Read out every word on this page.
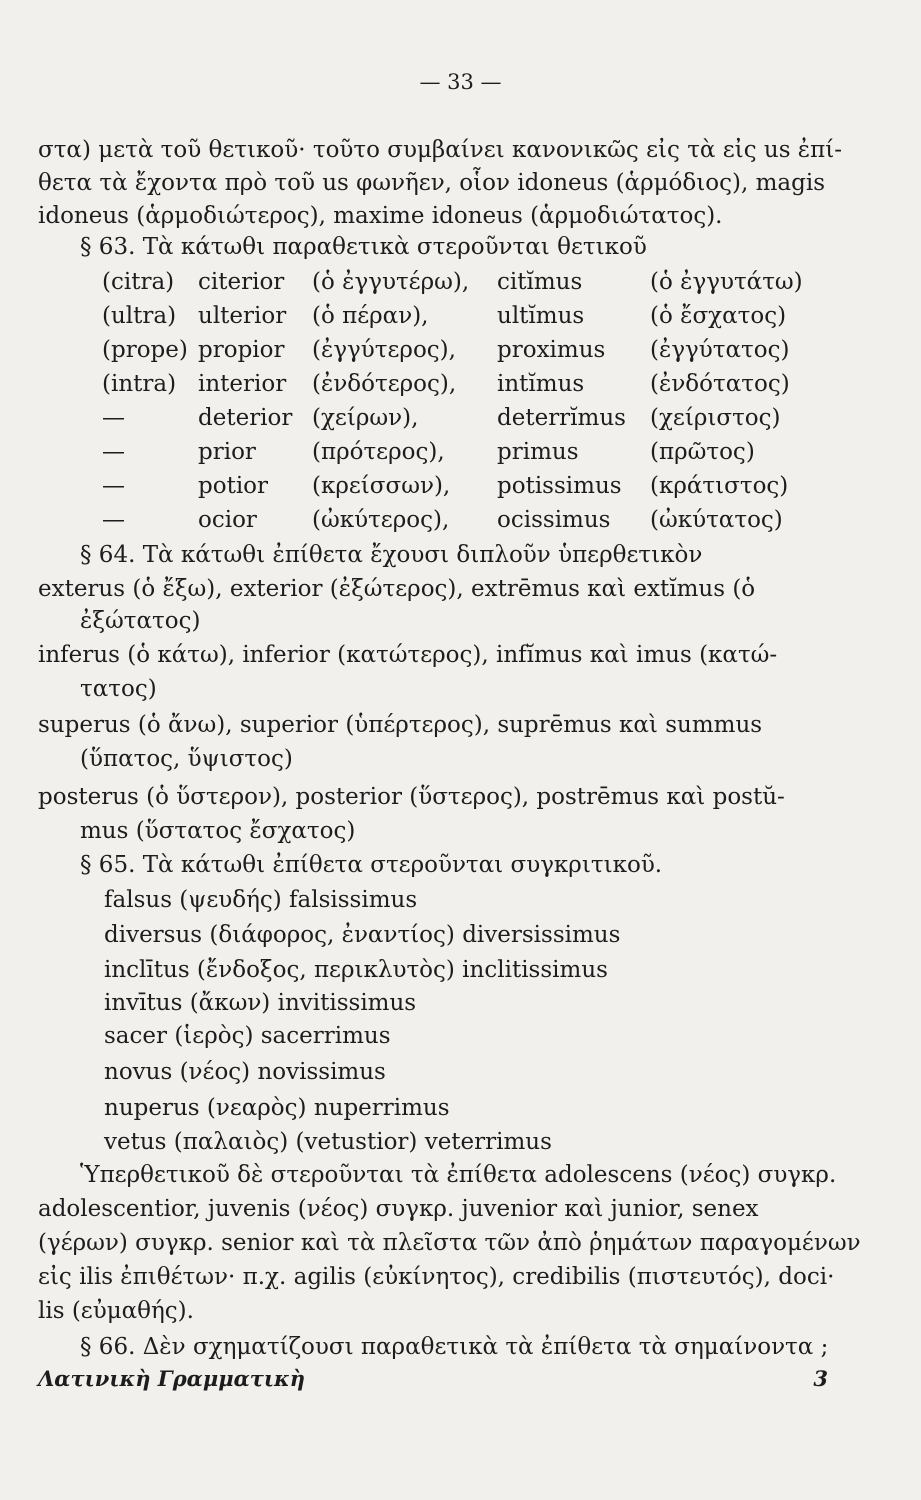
— 33 —
στα) μετὰ τοῦ θετικοῦ· τοῦτο συμβαίνει κανονικῶς εἰς τὰ εἰς us ἐπί-
θετα τὰ ἔχοντα πρὸ τοῦ us φωνῆεν, οἷον idoneus (ἁρμόδιος), magis
idoneus (ἁρμοδιώτερος), maxime idoneus (ἁρμοδιώτατος).
§ 63. Τὰ κάτωθι παραθετικὰ στεροῦνται θετικοῦ
(citra) citerior (ὁ ἐγγυτέρω), citĭmus	(ὁ ἐγγυτάτω)
(ultra) ulterior (ὁ πέραν),	ultĭmus	(ὁ ἔσχατος)
(prope) propior (ἐγγύτερος), proximus (ἐγγύτατος)
(intra) interior (ἐνδότερος), intĭmus	(ἐνδότατος)
—	deterior (χείρων),	deterrĭmus (χείριστος)
—	prior (πρότερος), primus	(πρῶτος)
—	potior (κρείσσων), potissimus (κράτιστος)
—	ocior (ὠκύτερος), ocissimus (ὠκύτατος)
§ 64. Τὰ κάτωθι ἐπίθετα ἔχουσι διπλοῦν ὑπερθετικὸν
exterus (ὁ ἔξω), exterior (ἐξώτερος), extrēmus καὶ extĭmus (ὁ
ἐξώτατος)
inferus (ὁ κάτω), inferior (κατώτερος), infĭmus καὶ imus (κατώ-
τατος)
superus (ὁ ἄνω), superior (ὑπέρτερος), suprēmus καὶ summus
(ὕπατος, ὕψιστος)
posterus (ὁ ὕστερον), posterior (ὕστερος), postrēmus καὶ postŭ-
mus (ὕστατος ἔσχατος)
§ 65. Τὰ κάτωθι ἐπίθετα στεροῦνται συγκριτικοῦ.
falsus (ψευδής) falsissimus
diversus (διάφορος, ἐναντίος) diversissimus
inclītus (ἔνδοξος, περικλυτὸς) inclitissimus
invītus (ἄκων) invitissimus
sacer (ἱερὸς) sacerrimus
novus (νέος) novissimus
nuperus (νεαρὸς) nuperrimus
vetus (παλαιὸς) (vetustior) veterrimus
Ὑπερθετικοῦ δὲ στεροῦνται τὰ ἐπίθετα adolescens (νέος) συγκρ.
adolescentior, juvenis (νέος) συγκρ. juvenior καὶ junior, senex
(γέρων) συγκρ. senior καὶ τὰ πλεῖστα τῶν ἀπὸ ῥημάτων παραγομένων
εἰς ilis ἐπιθέτων· π.χ. agilis (εὐκίνητος), credibilis (πιστευτός), doci·
lis (εὐμαθής).
§ 66. Δὲν σχηματίζουσι παραθετικὰ τὰ ἐπίθετα τὰ σημαίνοντα ;
Λατινικὴ Γραμματικὴ	3
